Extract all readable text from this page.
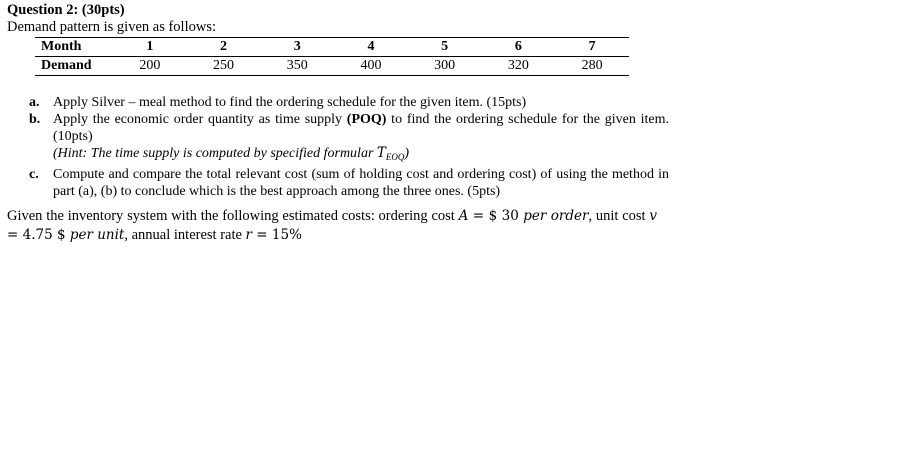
Question 2: (30pts)
Demand pattern is given as follows:
Month	1	2	3	4	5	6	7
Demand	200	250	350	400	300	320	280
a. Apply Silver – meal method to find the ordering schedule for the given item. (15pts)
b. Apply the economic order quantity as time supply (POQ) to find the ordering schedule for the given item. (10pts)
(Hint: The time supply is computed by specified formular $T_{EOQ}$)
c. Compute and compare the total relevant cost (sum of holding cost and ordering cost) of using the method in part (a), (b) to conclude which is the best approach among the three ones. (5pts)
Given the inventory system with the following estimated costs: ordering cost A = $ 30 per order, unit cost v = 4.75 $ per unit, annual interest rate r = 15%
